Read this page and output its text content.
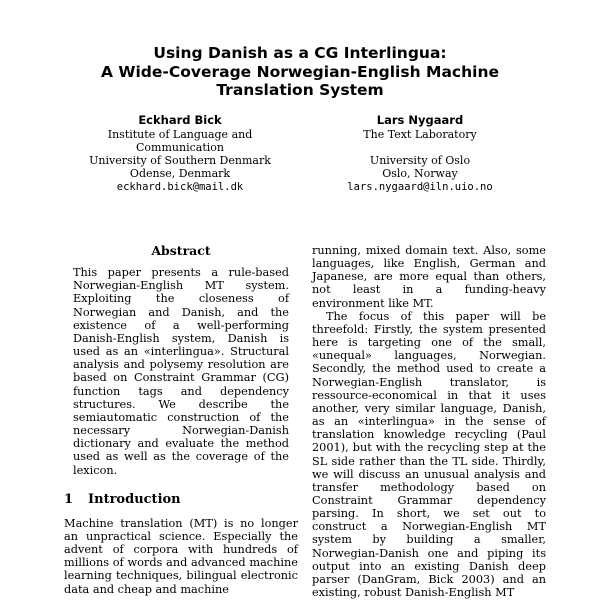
Using Danish as a CG Interlingua:
A Wide-Coverage Norwegian-English Machine
Translation System
Eckhard Bick
Institute of Language and
Communication
University of Southern Denmark
Odense, Denmark
eckhard.bick@mail.dk
Lars Nygaard
The Text Laboratory
University of Oslo
Oslo, Norway
lars.nygaard@iln.uio.no
Abstract

This paper presents a rule-based Norwegian-English MT system. Exploiting the closeness of Norwegian and Danish, and the existence of a well-performing Danish-English system, Danish is used as an «interlingua». Structural analysis and polysemy resolution are based on Constraint Grammar (CG) function tags and dependency structures. We describe the semiautomatic construction of the necessary Norwegian-Danish dictionary and evaluate the method used as well as the coverage of the lexicon.

1 Introduction

Machine translation (MT) is no longer an unpractical science. Especially the advent of corpora with hundreds of millions of words and advanced machine learning techniques, bilingual electronic data and cheap and machine

running, mixed domain text. Also, some languages, like English, German and Japanese, are more equal than others, not least in a funding-heavy environment like MT.

The focus of this paper will be threefold: Firstly, the system presented here is targeting one of the small, «unequal» languages, Norwegian. Secondly, the method used to create a Norwegian-English translator, is ressource-economical in that it uses another, very similar language, Danish, as an «interlingua» in the sense of translation knowledge recycling (Paul 2001), but with the recycling step at the SL side rather than the TL side. Thirdly, we will discuss an unusual analysis and transfer methodology based on Constraint Grammar dependency parsing. In short, we set out to construct a Norwegian-English MT system by building a smaller, Norwegian-Danish one and piping its output into an existing Danish deep parser (DanGram, Bick 2003) and an existing, robust Danish-English MT
